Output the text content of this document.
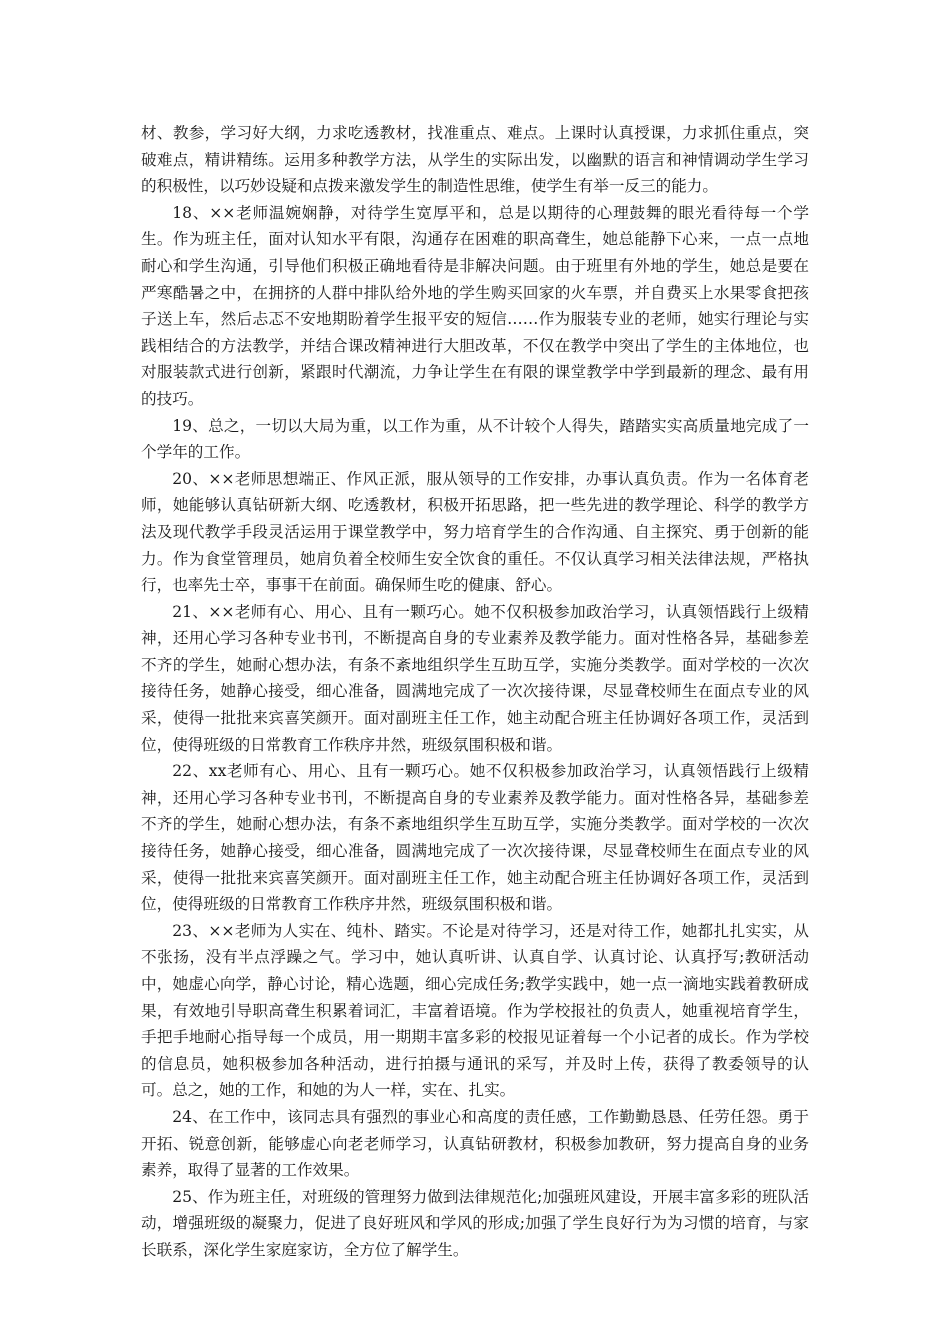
材、教参，学习好大纲，力求吃透教材，找准重点、难点。上课时认真授课，力求抓住重点，突破难点，精讲精练。运用多种教学方法，从学生的实际出发，以幽默的语言和神情调动学生学习的积极性，以巧妙设疑和点拨来激发学生的制造性思维，使学生有举一反三的能力。

18、××老师温婉娴静，对待学生宽厚平和，总是以期待的心理鼓舞的眼光看待每一个学生。作为班主任，面对认知水平有限，沟通存在困难的职高聋生，她总能静下心来，一点一点地耐心和学生沟通，引导他们积极正确地看待是非解决问题。由于班里有外地的学生，她总是要在严寒酷暑之中，在拥挤的人群中排队给外地的学生购买回家的火车票，并自费买上水果零食把孩子送上车，然后忐忑不安地期盼着学生报平安的短信……作为服装专业的老师，她实行理论与实践相结合的方法教学，并结合课改精神进行大胆改革，不仅在教学中突出了学生的主体地位，也对服装款式进行创新，紧跟时代潮流，力争让学生在有限的课堂教学中学到最新的理念、最有用的技巧。

19、总之，一切以大局为重，以工作为重，从不计较个人得失，踏踏实实高质量地完成了一个学年的工作。

20、××老师思想端正、作风正派，服从领导的工作安排，办事认真负责。作为一名体育老师，她能够认真钻研新大纲、吃透教材，积极开拓思路，把一些先进的教学理论、科学的教学方法及现代教学手段灵活运用于课堂教学中，努力培育学生的合作沟通、自主探究、勇于创新的能力。作为食堂管理员，她肩负着全校师生安全饮食的重任。不仅认真学习相关法律法规，严格执行，也率先士卒，事事干在前面。确保师生吃的健康、舒心。

21、××老师有心、用心、且有一颗巧心。她不仅积极参加政治学习，认真领悟践行上级精神，还用心学习各种专业书刊，不断提高自身的专业素养及教学能力。面对性格各异，基础参差不齐的学生，她耐心想办法，有条不紊地组织学生互助互学，实施分类教学。面对学校的一次次接待任务，她静心接受，细心准备，圆满地完成了一次次接待课，尽显聋校师生在面点专业的风采，使得一批批来宾喜笑颜开。面对副班主任工作，她主动配合班主任协调好各项工作，灵活到位，使得班级的日常教育工作秩序井然，班级氛围积极和谐。

22、xx老师有心、用心、且有一颗巧心。她不仅积极参加政治学习，认真领悟践行上级精神，还用心学习各种专业书刊，不断提高自身的专业素养及教学能力。面对性格各异，基础参差不齐的学生，她耐心想办法，有条不紊地组织学生互助互学，实施分类教学。面对学校的一次次接待任务，她静心接受，细心准备，圆满地完成了一次次接待课，尽显聋校师生在面点专业的风采，使得一批批来宾喜笑颜开。面对副班主任工作，她主动配合班主任协调好各项工作，灵活到位，使得班级的日常教育工作秩序井然，班级氛围积极和谐。

23、××老师为人实在、纯朴、踏实。不论是对待学习，还是对待工作，她都扎扎实实，从不张扬，没有半点浮躁之气。学习中，她认真听讲、认真自学、认真讨论、认真抒写;教研活动中，她虚心向学，静心讨论，精心选题，细心完成任务;教学实践中，她一点一滴地实践着教研成果，有效地引导职高聋生积累着词汇，丰富着语境。作为学校报社的负责人，她重视培育学生，手把手地耐心指导每一个成员，用一期期丰富多彩的校报见证着每一个小记者的成长。作为学校的信息员，她积极参加各种活动，进行拍摄与通讯的采写，并及时上传，获得了教委领导的认可。总之，她的工作，和她的为人一样，实在、扎实。

24、在工作中，该同志具有强烈的事业心和高度的责任感，工作勤勤恳恳、任劳任怨。勇于开拓、锐意创新，能够虚心向老老师学习，认真钻研教材，积极参加教研，努力提高自身的业务素养，取得了显著的工作效果。

25、作为班主任，对班级的管理努力做到法律规范化;加强班风建设，开展丰富多彩的班队活动，增强班级的凝聚力，促进了良好班风和学风的形成;加强了学生良好行为为习惯的培育，与家长联系，深化学生家庭家访，全方位了解学生。
